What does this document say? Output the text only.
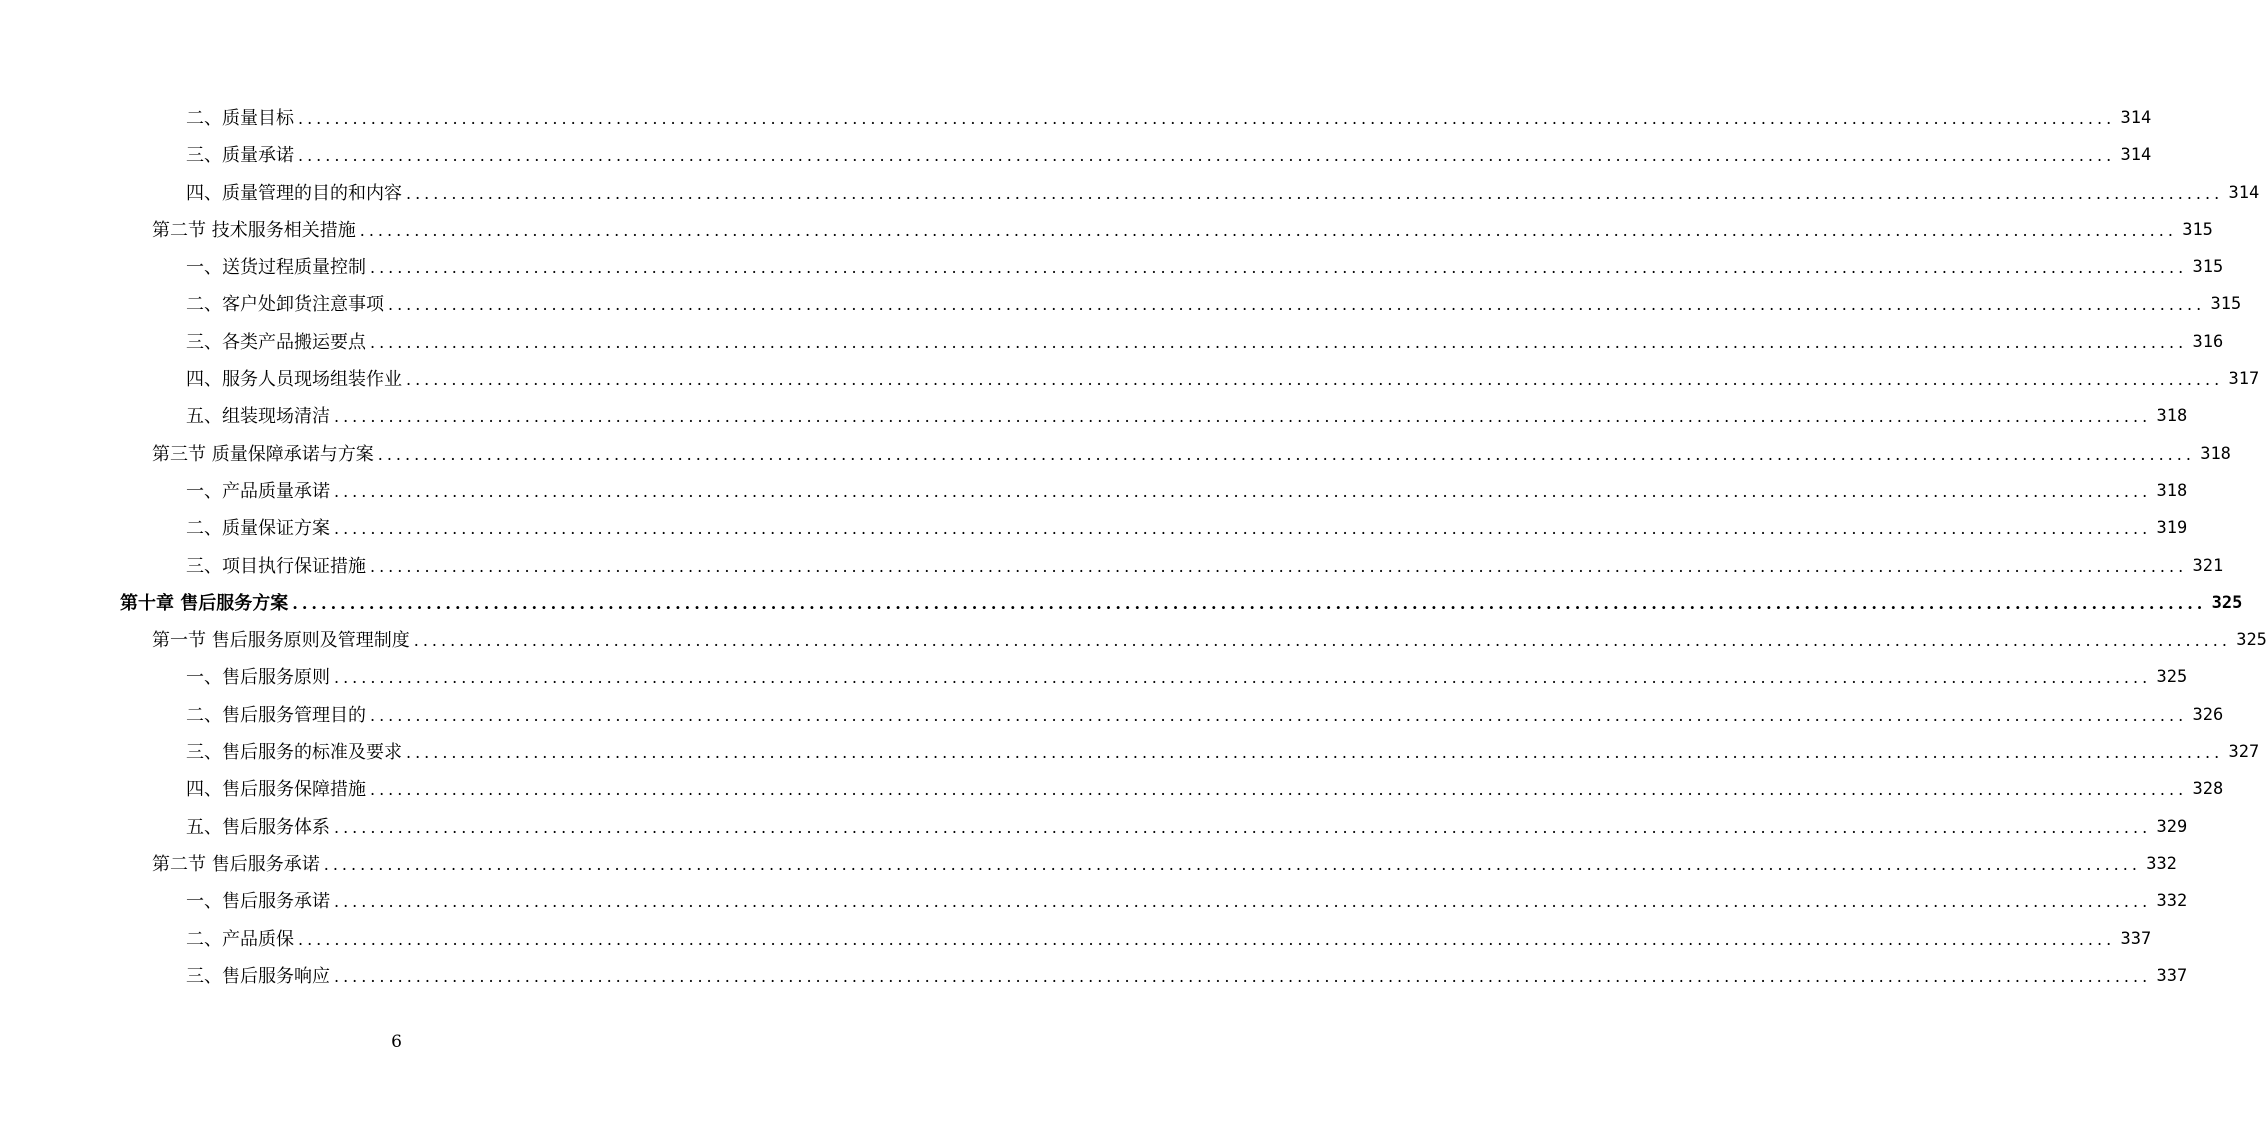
二、质量目标 ........................................................................................................................................................................................................ 314
三、质量承诺 ........................................................................................................................................................................................................ 314
四、质量管理的目的和内容 ........................................................................................................................................................................................................ 314
第二节 技术服务相关措施 ........................................................................................................................................................................................................ 315
一、送货过程质量控制 ........................................................................................................................................................................................................ 315
二、客户处卸货注意事项 ........................................................................................................................................................................................................ 315
三、各类产品搬运要点 ........................................................................................................................................................................................................ 316
四、服务人员现场组装作业 ........................................................................................................................................................................................................ 317
五、组装现场清洁 ........................................................................................................................................................................................................ 318
第三节 质量保障承诺与方案 ........................................................................................................................................................................................................ 318
一、产品质量承诺 ........................................................................................................................................................................................................ 318
二、质量保证方案 ........................................................................................................................................................................................................ 319
三、项目执行保证措施 ........................................................................................................................................................................................................ 321
第十章 售后服务方案 ........................................................................................................................................................................................................ 325
第一节 售后服务原则及管理制度 ........................................................................................................................................................................................................ 325
一、售后服务原则 ........................................................................................................................................................................................................ 325
二、售后服务管理目的 ........................................................................................................................................................................................................ 326
三、售后服务的标准及要求 ........................................................................................................................................................................................................ 327
四、售后服务保障措施 ........................................................................................................................................................................................................ 328
五、售后服务体系 ........................................................................................................................................................................................................ 329
第二节 售后服务承诺 ........................................................................................................................................................................................................ 332
一、售后服务承诺 ........................................................................................................................................................................................................ 332
二、产品质保 ........................................................................................................................................................................................................ 337
三、售后服务响应 ........................................................................................................................................................................................................ 337
6
